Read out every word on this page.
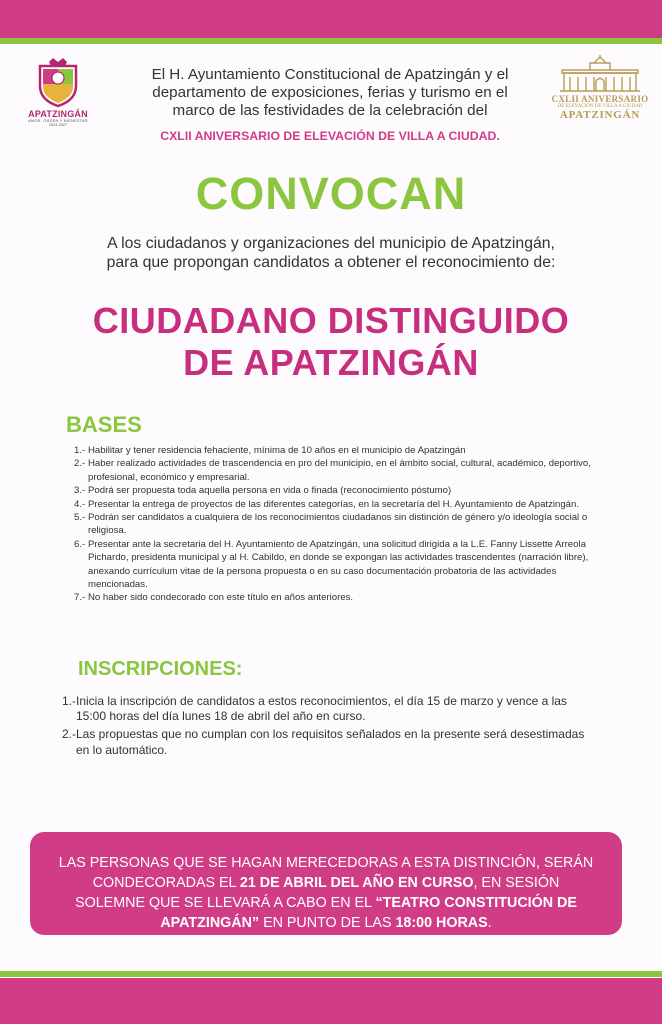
APATZINGÁN
AMOR, ORDEN Y BIENESTAR
2024-2027
CXLII ANIVERSARIO
DE ELEVACIÓN DE VILLA A CIUDAD
APATZINGÁN
El H. Ayuntamiento Constitucional de Apatzingán y el
departamento de exposiciones, ferias y turismo en el
marco de las festividades de la celebración del
CXLII ANIVERSARIO DE ELEVACIÓN DE VILLA A CIUDAD.
CONVOCAN
A los ciudadanos y organizaciones del municipio de Apatzingán,
para que propongan candidatos a obtener el reconocimiento de:
CIUDADANO DISTINGUIDO
DE APATZINGÁN
BASES
1.- Habilitar y tener residencia fehaciente, mínima de 10 años en el municipio de Apatzingán
2.- Haber realizado actividades de trascendencia en pro del municipio, en el ámbito social, cultural, académico, deportivo, profesional, económico y empresarial.
3.- Podrá ser propuesta toda aquella persona en vida o finada (reconocimiento póstumo)
4.- Presentar la entrega de proyectos de las diferentes categorías, en la secretaría del H. Ayuntamiento de Apatzingán.
5.- Podrán ser candidatos a cualquiera de los reconocimientos ciudadanos sin distinción de género y/o ideología social o religiosa.
6.- Presentar ante la secretaria del H. Ayuntamiento de Apatzingán, una solicitud dirigida a la L.E. Fanny Lissette Arreola Pichardo, presidenta municipal y al H. Cabildo, en donde se expongan las actividades trascendentes (narración libre), anexando currículum vitae de la persona propuesta o en su caso documentación probatoria de las actividades mencionadas.
7.- No haber sido condecorado con este título en años anteriores.
INSCRIPCIONES:
1.- Inicia la inscripción de candidatos a estos reconocimientos, el día 15 de marzo y vence a las 15:00 horas del día lunes 18 de abril del año en curso.
2.- Las propuestas que no cumplan con los requisitos señalados en la presente será desestimadas en lo automático.
LAS PERSONAS QUE SE HAGAN MERECEDORAS A ESTA DISTINCIÓN, SERÁN
CONDECORADAS EL 21 DE ABRIL DEL AÑO EN CURSO, EN SESIÓN
SOLEMNE QUE SE LLEVARÁ A CABO EN EL “TEATRO CONSTITUCIÓN DE
APATZINGÁN” EN PUNTO DE LAS 18:00 HORAS.
